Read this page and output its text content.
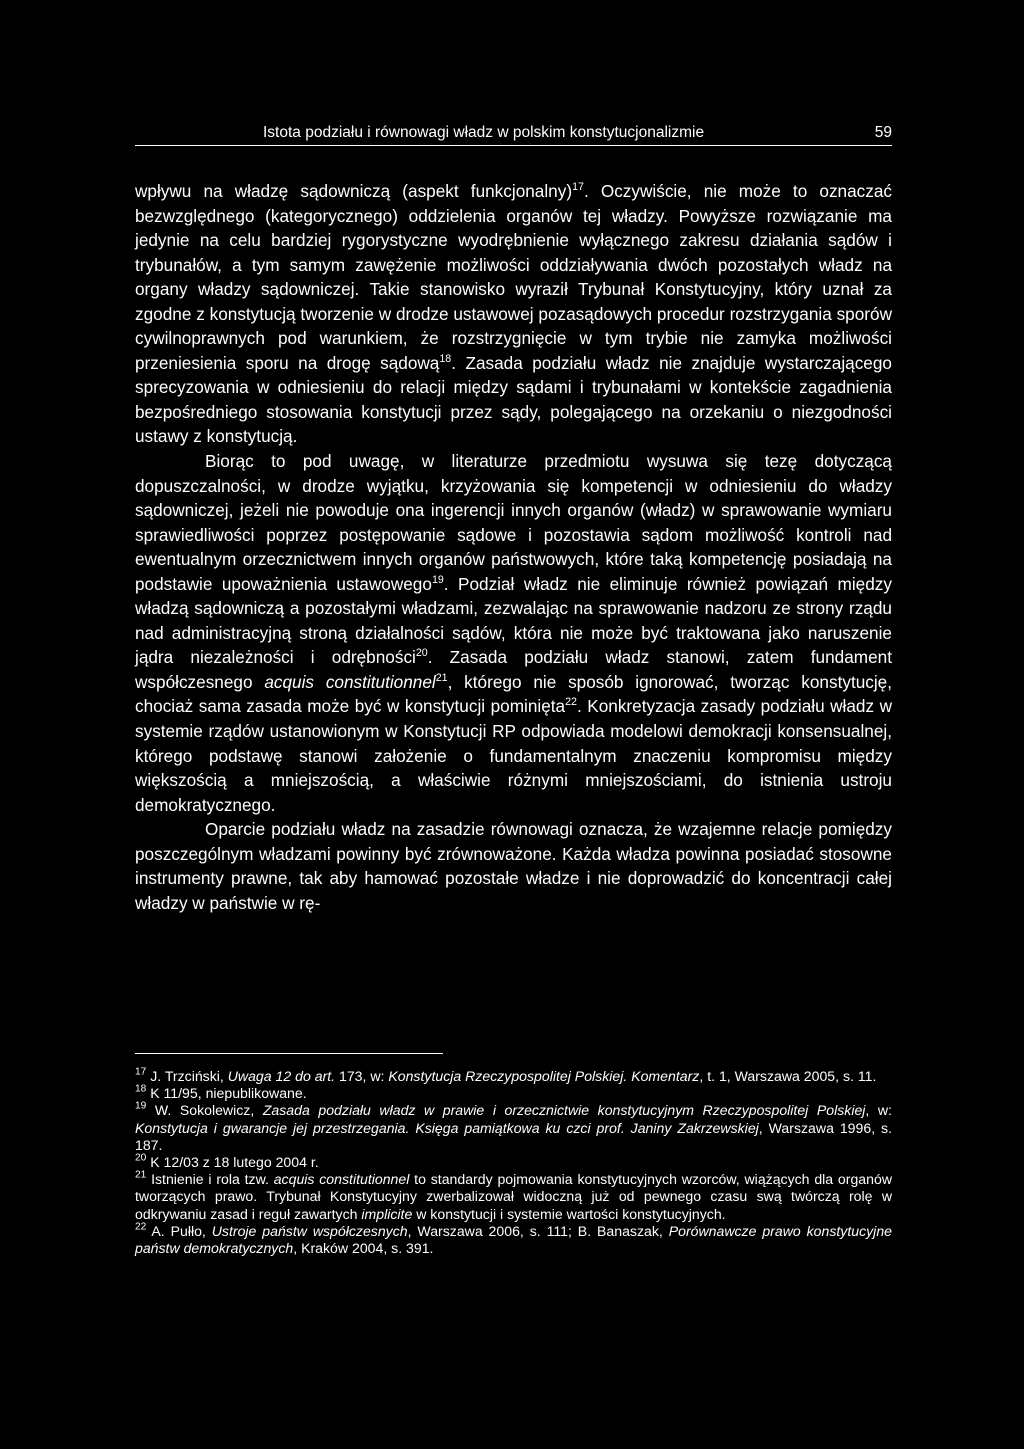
Istota podziału i równowagi władz w polskim konstytucjonalizmie	59

wpływu na władzę sądowniczą (aspekt funkcjonalny)$^{17}$. Oczywiście, nie może to oznaczać bezwzględnego (kategorycznego) oddzielenia organów tej władzy. Powyższe rozwiązanie ma jedynie na celu bardziej rygorystyczne wyodrębnienie wyłącznego zakresu działania sądów i trybunałów, a tym samym zawężenie możliwości oddziaływania dwóch pozostałych władz na organy władzy sądowniczej. Takie stanowisko wyraził Trybunał Konstytucyjny, który uznał za zgodne z konstytucją tworzenie w drodze ustawowej pozasądowych procedur rozstrzygania sporów cywilnoprawnych pod warunkiem, że rozstrzygnięcie w tym trybie nie zamyka możliwości przeniesienia sporu na drogę sądową$^{18}$. Zasada podziału władz nie znajduje wystarczającego sprecyzowania w odniesieniu do relacji między sądami i trybunałami w kontekście zagadnienia bezpośredniego stosowania konstytucji przez sądy, polegającego na orzekaniu o niezgodności ustawy z konstytucją.

Biorąc to pod uwagę, w literaturze przedmiotu wysuwa się tezę dotyczącą dopuszczalności, w drodze wyjątku, krzyżowania się kompetencji w odniesieniu do władzy sądowniczej, jeżeli nie powoduje ona ingerencji innych organów (władz) w sprawowanie wymiaru sprawiedliwości poprzez postępowanie sądowe i pozostawia sądom możliwość kontroli nad ewentualnym orzecznictwem innych organów państwowych, które taką kompetencję posiadają na podstawie upoważnienia ustawowego$^{19}$. Podział władz nie eliminuje również powiązań między władzą sądowniczą a pozostałymi władzami, zezwalając na sprawowanie nadzoru ze strony rządu nad administracyjną stroną działalności sądów, która nie może być traktowana jako naruszenie jądra niezależności i odrębności$^{20}$. Zasada podziału władz stanowi, zatem fundament współczesnego acquis constitutionnel$^{21}$, którego nie sposób ignorować, tworząc konstytucję, chociaż sama zasada może być w konstytucji pominięta$^{22}$. Konkretyzacja zasady podziału władz w systemie rządów ustanowionym w Konstytucji RP odpowiada modelowi demokracji konsensualnej, którego podstawę stanowi założenie o fundamentalnym znaczeniu kompromisu między większością a mniejszością, a właściwie różnymi mniejszościami, do istnienia ustroju demokratycznego.

Oparcie podziału władz na zasadzie równowagi oznacza, że wzajemne relacje pomiędzy poszczególnym władzami powinny być zrównoważone. Każda władza powinna posiadać stosowne instrumenty prawne, tak aby hamować pozostałe władze i nie doprowadzić do koncentracji całej władzy w państwie w rę-

$^{17}$ J. Trzciński, Uwaga 12 do art. 173, w: Konstytucja Rzeczypospolitej Polskiej. Komentarz, t. 1, Warszawa 2005, s. 11.

$^{18}$ K 11/95, niepublikowane.

$^{19}$ W. Sokolewicz, Zasada podziału władz w prawie i orzecznictwie konstytucyjnym Rzeczypospolitej Polskiej, w: Konstytucja i gwarancje jej przestrzegania. Księga pamiątkowa ku czci prof. Janiny Zakrzewskiej, Warszawa 1996, s. 187.

$^{20}$ K 12/03 z 18 lutego 2004 r.

$^{21}$ Istnienie i rola tzw. acquis constitutionnel to standardy pojmowania konstytucyjnych wzorców, wiążących dla organów tworzących prawo. Trybunał Konstytucyjny zwerbalizował widoczną już od pewnego czasu swą twórczą rolę w odkrywaniu zasad i reguł zawartych implicite w konstytucji i systemie wartości konstytucyjnych.

$^{22}$ A. Pułło, Ustroje państw współczesnych, Warszawa 2006, s. 111; B. Banaszak, Porównawcze prawo konstytucyjne państw demokratycznych, Kraków 2004, s. 391.
